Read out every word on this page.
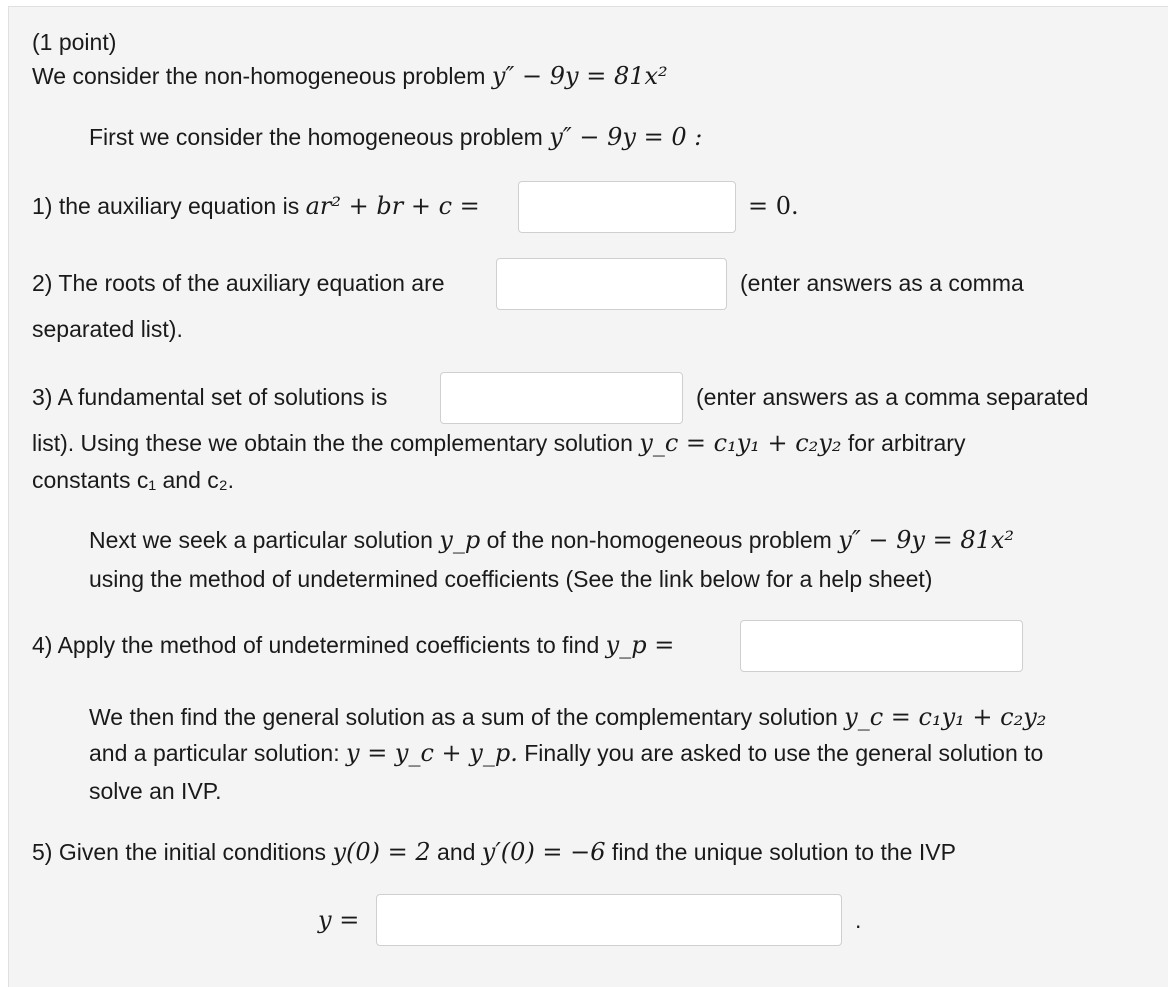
(1 point)
We consider the non-homogeneous problem y″ − 9y = 81x²
First we consider the homogeneous problem y″ − 9y = 0 :
1) the auxiliary equation is ar² + br + c =	= 0.
2) The roots of the auxiliary equation are	(enter answers as a comma
separated list).
3) A fundamental set of solutions is	(enter answers as a comma separated
list). Using these we obtain the the complementary solution y_c = c₁y₁ + c₂y₂ for arbitrary
constants c₁ and c₂.
Next we seek a particular solution y_p of the non-homogeneous problem y″ − 9y = 81x²
using the method of undetermined coefficients (See the link below for a help sheet)
4) Apply the method of undetermined coefficients to find y_p =
We then find the general solution as a sum of the complementary solution y_c = c₁y₁ + c₂y₂
and a particular solution: y = y_c + y_p. Finally you are asked to use the general solution to
solve an IVP.
5) Given the initial conditions y(0) = 2 and y′(0) = −6 find the unique solution to the IVP
y =	.
